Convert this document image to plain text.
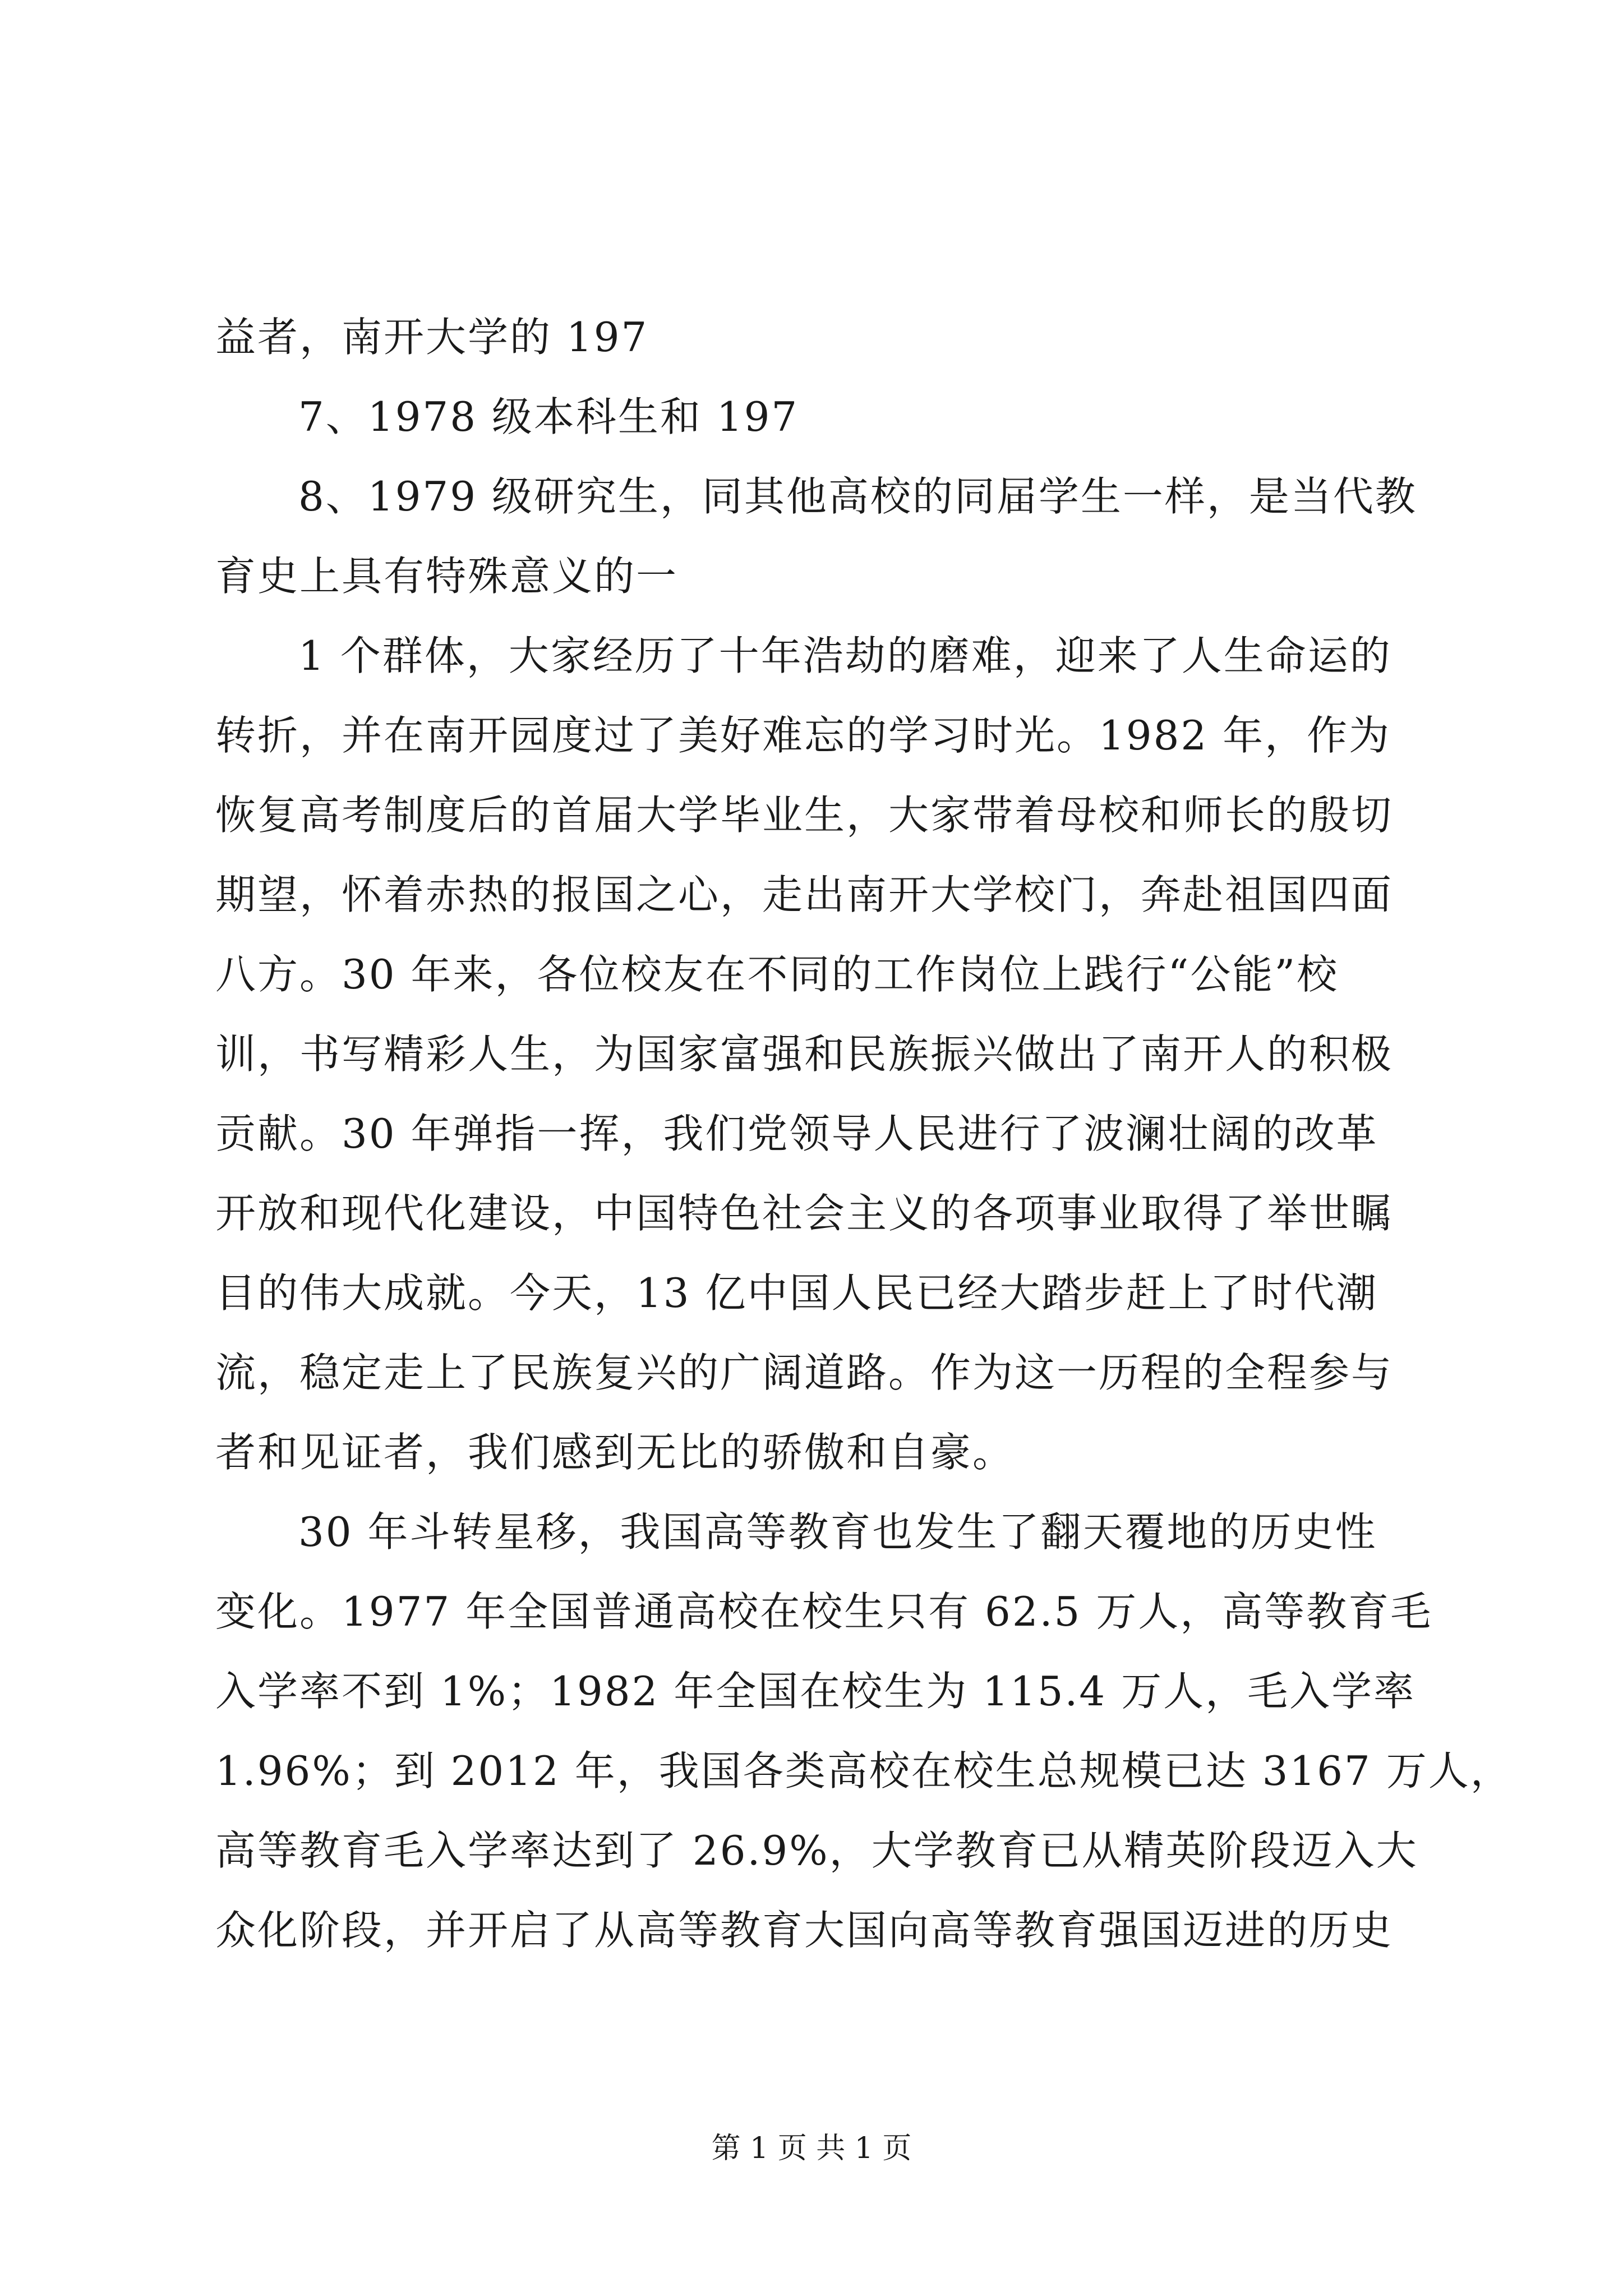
益者，南开大学的 197
7、1978 级本科生和 197
8、1979 级研究生，同其他高校的同届学生一样，是当代教
育史上具有特殊意义的一
1 个群体，大家经历了十年浩劫的磨难，迎来了人生命运的
转折，并在南开园度过了美好难忘的学习时光。1982 年，作为
恢复高考制度后的首届大学毕业生，大家带着母校和师长的殷切
期望，怀着赤热的报国之心，走出南开大学校门，奔赴祖国四面
八方。30 年来，各位校友在不同的工作岗位上践行“公能”校
训，书写精彩人生，为国家富强和民族振兴做出了南开人的积极
贡献。30 年弹指一挥，我们党领导人民进行了波澜壮阔的改革
开放和现代化建设，中国特色社会主义的各项事业取得了举世瞩
目的伟大成就。今天，13 亿中国人民已经大踏步赶上了时代潮
流，稳定走上了民族复兴的广阔道路。作为这一历程的全程参与
者和见证者，我们感到无比的骄傲和自豪。
30 年斗转星移，我国高等教育也发生了翻天覆地的历史性
变化。1977 年全国普通高校在校生只有 62.5 万人，高等教育毛
入学率不到 1%；1982 年全国在校生为 115.4 万人，毛入学率
1.96%；到 2012 年，我国各类高校在校生总规模已达 3167 万人，
高等教育毛入学率达到了 26.9%，大学教育已从精英阶段迈入大
众化阶段，并开启了从高等教育大国向高等教育强国迈进的历史
第 1 页 共 1 页
